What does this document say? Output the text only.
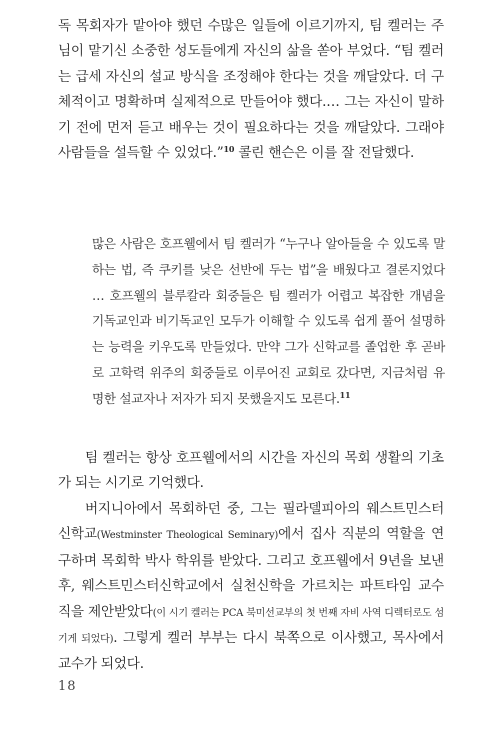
독 목회자가 맡아야 했던 수많은 일들에 이르기까지, 팀 켈러는 주님이 맡기신 소중한 성도들에게 자신의 삶을 쏟아 부었다. “팀 켈러는 급세 자신의 설교 방식을 조정해야 한다는 것을 깨달았다. 더 구체적이고 명확하며 실제적으로 만들어야 했다.… 그는 자신이 말하기 전에 먼저 듣고 배우는 것이 필요하다는 것을 깨달았다. 그래야 사람들을 설득할 수 있었다.”$^{10}$ 콜린 핸슨은 이를 잘 전달했다.

많은 사람은 호프웰에서 팀 켈러가 “누구나 알아들을 수 있도록 말하는 법, 즉 쿠키를 낮은 선반에 두는 법”을 배웠다고 결론지었다 … 호프웰의 블루칼라 회중들은 팀 켈러가 어렵고 복잡한 개념을 기독교인과 비기독교인 모두가 이해할 수 있도록 쉽게 풀어 설명하는 능력을 키우도록 만들었다. 만약 그가 신학교를 졸업한 후 곧바로 고학력 위주의 회중들로 이루어진 교회로 갔다면, 지금처럼 유명한 설교자나 저자가 되지 못했을지도 모른다.$^{11}$

팀 켈러는 항상 호프웰에서의 시간을 자신의 목회 생활의 기초가 되는 시기로 기억했다.

버지니아에서 목회하던 중, 그는 필라델피아의 웨스트민스터신학교(Westminster Theological Seminary)에서 집사 직분의 역할을 연구하며 목회학 박사 학위를 받았다. 그리고 호프웰에서 9년을 보낸 후, 웨스트민스터신학교에서 실천신학을 가르치는 파트타임 교수직을 제안받았다(이 시기 켈러는 PCA 북미선교부의 첫 번째 자비 사역 디렉터로도 섬기게 되었다). 그렇게 켈러 부부는 다시 북쪽으로 이사했고, 목사에서 교수가 되었다.

18
